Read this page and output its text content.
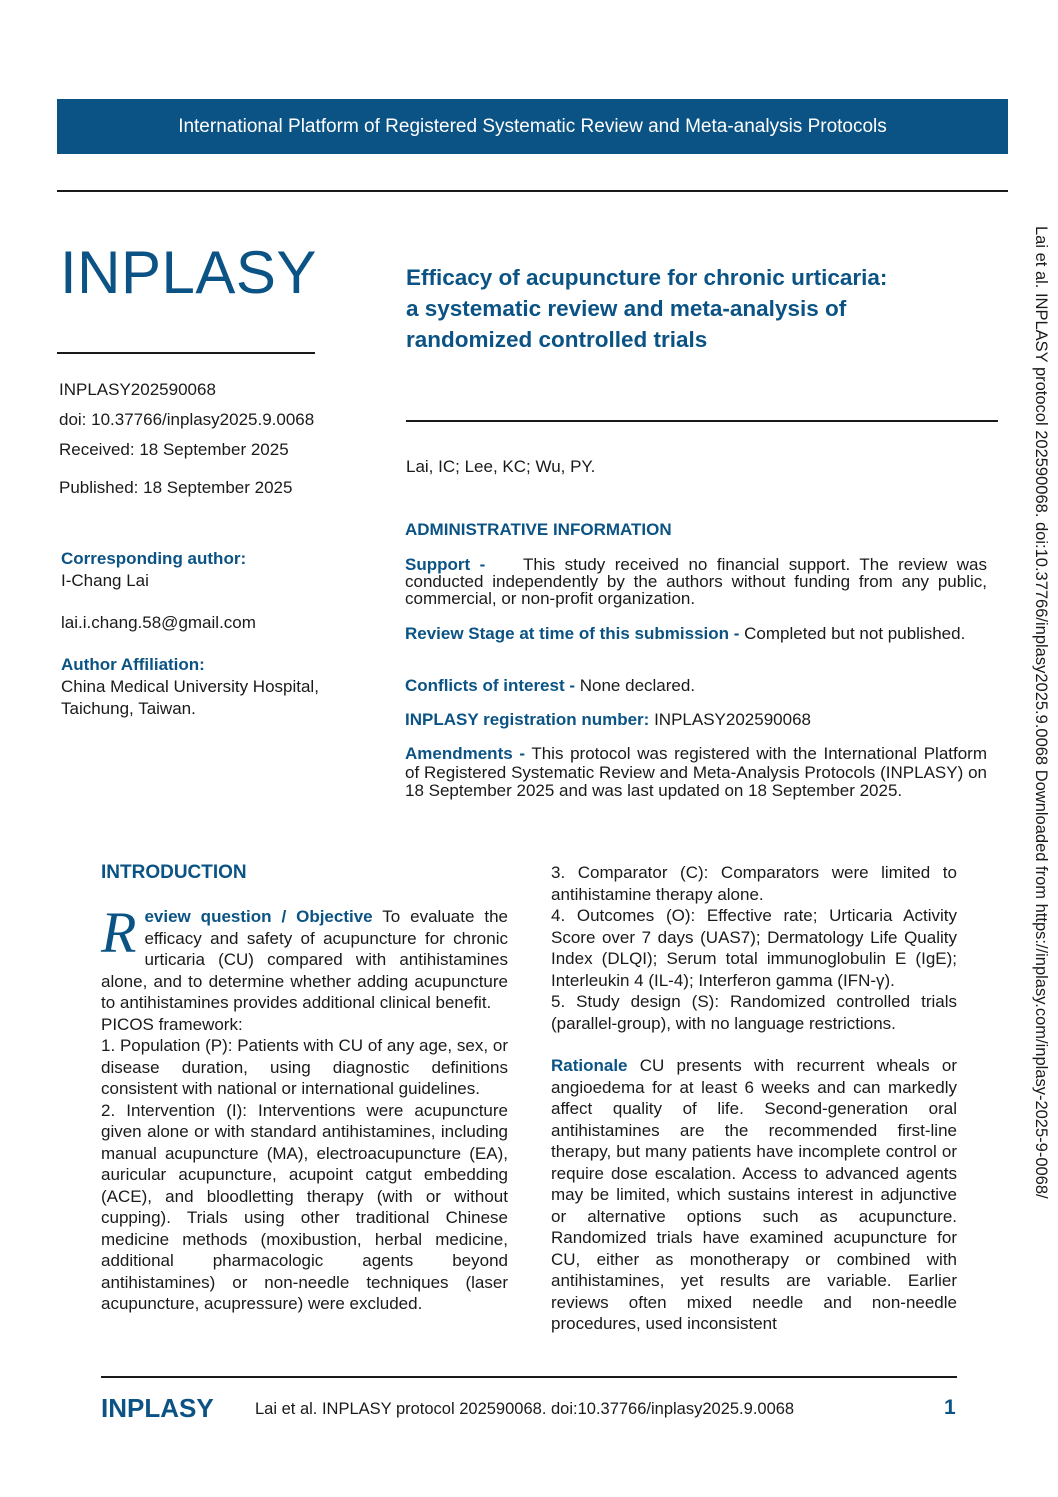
International Platform of Registered Systematic Review and Meta-analysis Protocols
INPLASY
INPLASY202590068
doi: 10.37766/inplasy2025.9.0068
Received: 18 September 2025
Published: 18 September 2025
Corresponding author:
I-Chang Lai
lai.i.chang.58@gmail.com
Author Affiliation:
China Medical University Hospital,
Taichung, Taiwan.
Efficacy of acupuncture for chronic urticaria:
a systematic review and meta-analysis of
randomized controlled trials
Lai, IC; Lee, KC; Wu, PY.
ADMINISTRATIVE INFORMATION
Support - This study received no financial support. The review was conducted independently by the authors without funding from any public, commercial, or non-profit organization.
Review Stage at time of this submission - Completed but not published.
Conflicts of interest - None declared.
INPLASY registration number: INPLASY202590068
Amendments - This protocol was registered with the International Platform of Registered Systematic Review and Meta-Analysis Protocols (INPLASY) on 18 September 2025 and was last updated on 18 September 2025.	Lai et al. INPLASY protocol 202590068. doi:10.37766/inplasy2025.9.0068 Downloaded from https://inplasy.com/inplasy-2025-9-0068/
INTRODUCTION

R eview question / Objective To evaluate the efficacy and safety of acupuncture for chronic urticaria (CU) compared with antihistamines alone, and to determine whether adding acupuncture to antihistamines provides additional clinical benefit.

PICOS framework:

1. Population (P): Patients with CU of any age, sex, or disease duration, using diagnostic definitions consistent with national or international guidelines.

2. Intervention (I): Interventions were acupuncture given alone or with standard antihistamines, including manual acupuncture (MA), electroacupuncture (EA), auricular acupuncture, acupoint catgut embedding (ACE), and bloodletting therapy (with or without cupping). Trials using other traditional Chinese medicine methods (moxibustion, herbal medicine, additional pharmacologic agents beyond antihistamines) or non-needle techniques (laser acupuncture, acupressure) were excluded.

3. Comparator (C): Comparators were limited to antihistamine therapy alone.

4. Outcomes (O): Effective rate; Urticaria Activity Score over 7 days (UAS7); Dermatology Life Quality Index (DLQI); Serum total immunoglobulin E (IgE); Interleukin 4 (IL-4); Interferon gamma (IFN-γ).

5. Study design (S): Randomized controlled trials (parallel-group), with no language restrictions.

Rationale CU presents with recurrent wheals or angioedema for at least 6 weeks and can markedly affect quality of life. Second-generation oral antihistamines are the recommended first-line therapy, but many patients have incomplete control or require dose escalation. Access to advanced agents may be limited, which sustains interest in adjunctive or alternative options such as acupuncture. Randomized trials have examined acupuncture for CU, either as monotherapy or combined with antihistamines, yet results are variable. Earlier reviews often mixed needle and non-needle procedures, used inconsistent

INPLASY	Lai et al. INPLASY protocol 202590068. doi:10.37766/inplasy2025.9.0068	1
